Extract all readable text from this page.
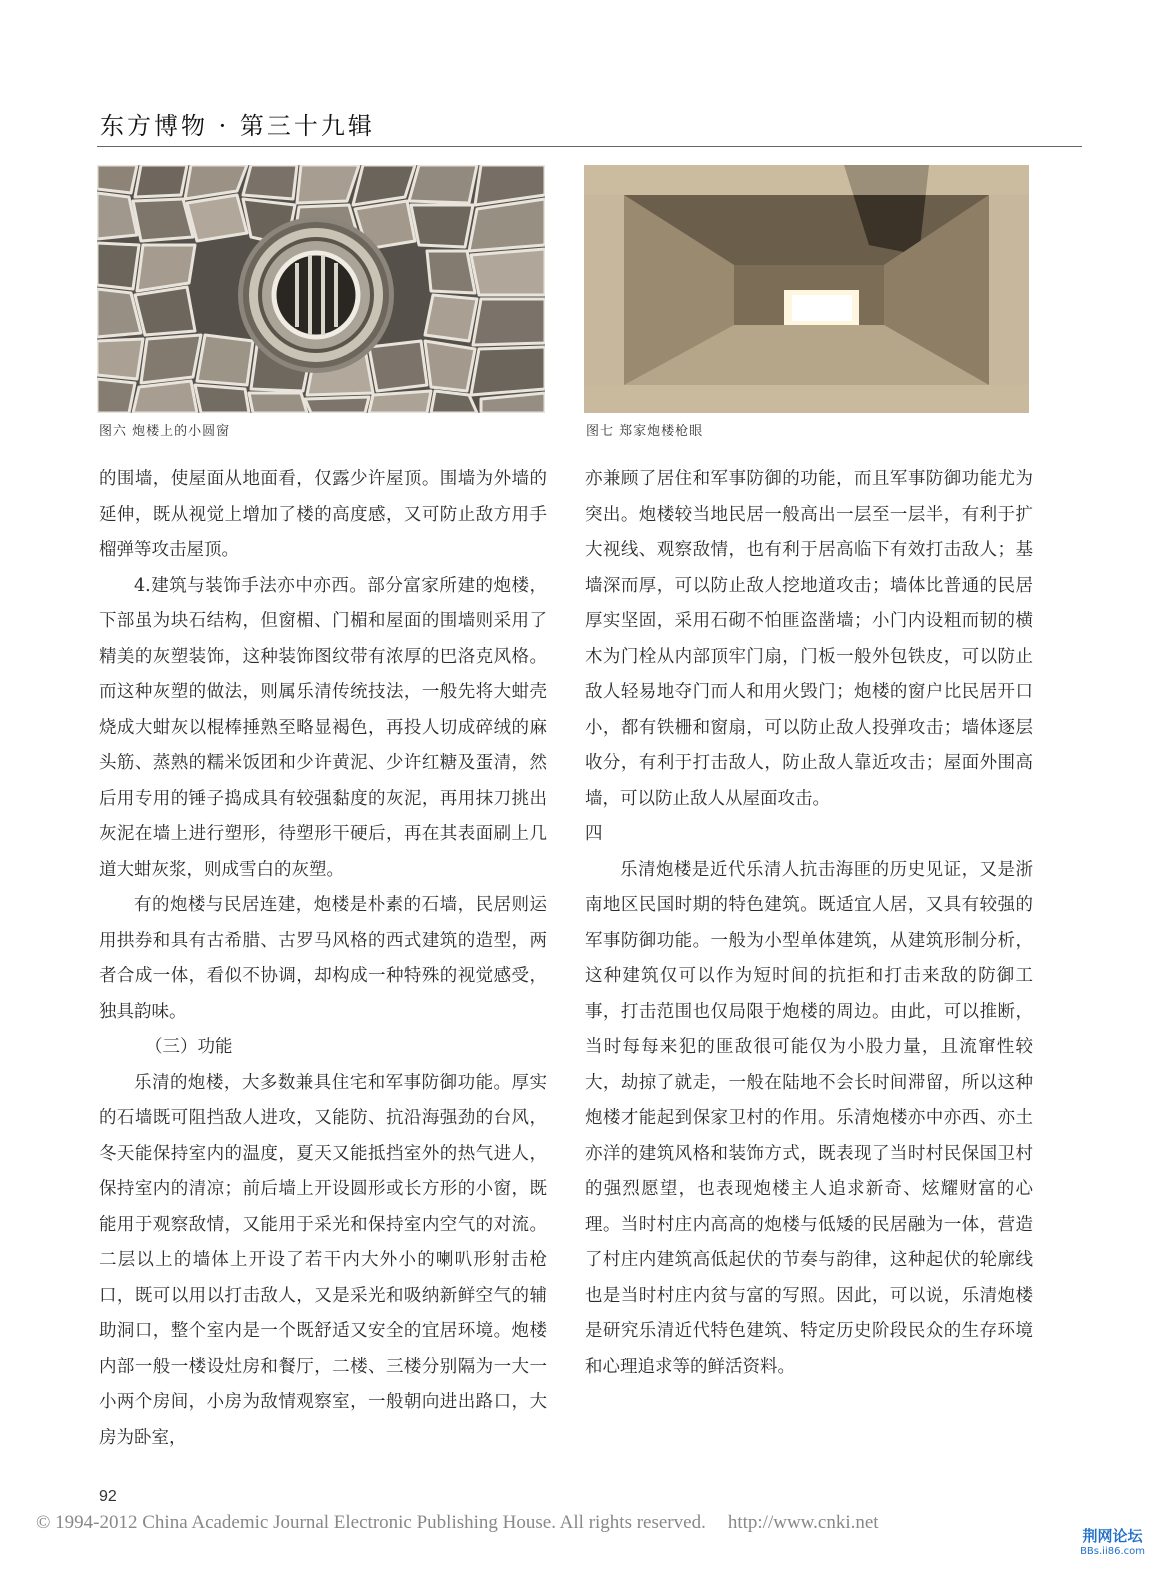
东方博物 · 第三十九辑
图六 炮楼上的小圆窗	图七 郑家炮楼枪眼

的围墙，使屋面从地面看，仅露少许屋顶。围墙为外墙的延伸，既从视觉上增加了楼的高度感，又可防止敌方用手榴弹等攻击屋顶。

4.建筑与装饰手法亦中亦西。部分富家所建的炮楼，下部虽为块石结构，但窗楣、门楣和屋面的围墙则采用了精美的灰塑装饰，这种装饰图纹带有浓厚的巴洛克风格。而这种灰塑的做法，则属乐清传统技法，一般先将大蚶壳烧成大蚶灰以棍棒捶熟至略显褐色，再投人切成碎绒的麻头筋、蒸熟的糯米饭团和少许黄泥、少许红糖及蛋清，然后用专用的锤子捣成具有较强黏度的灰泥，再用抹刀挑出灰泥在墙上进行塑形，待塑形干硬后，再在其表面刷上几道大蚶灰浆，则成雪白的灰塑。

有的炮楼与民居连建，炮楼是朴素的石墙，民居则运用拱券和具有古希腊、古罗马风格的西式建筑的造型，两者合成一体，看似不协调，却构成一种特殊的视觉感受，独具韵味。

（三）功能

乐清的炮楼，大多数兼具住宅和军事防御功能。厚实的石墙既可阻挡敌人进攻，又能防、抗沿海强劲的台风，冬天能保持室内的温度，夏天又能抵挡室外的热气进人，保持室内的清凉；前后墙上开设圆形或长方形的小窗，既能用于观察敌情，又能用于采光和保持室内空气的对流。二层以上的墙体上开设了若干内大外小的喇叭形射击枪口，既可以用以打击敌人，又是采光和吸纳新鲜空气的辅助洞口，整个室内是一个既舒适又安全的宜居环境。炮楼内部一般一楼设灶房和餐厅，二楼、三楼分别隔为一大一小两个房间，小房为敌情观察室，一般朝向进出路口，大房为卧室，

亦兼顾了居住和军事防御的功能，而且军事防御功能尤为突出。炮楼较当地民居一般高出一层至一层半，有利于扩大视线、观察敌情，也有利于居高临下有效打击敌人；基墙深而厚，可以防止敌人挖地道攻击；墙体比普通的民居厚实坚固，采用石砌不怕匪盗凿墙；小门内设粗而韧的横木为门栓从内部顶牢门扇，门板一般外包铁皮，可以防止敌人轻易地夺门而人和用火毁门；炮楼的窗户比民居开口小，都有铁栅和窗扇，可以防止敌人投弹攻击；墙体逐层收分，有利于打击敌人，防止敌人靠近攻击；屋面外围高墙，可以防止敌人从屋面攻击。

四

乐清炮楼是近代乐清人抗击海匪的历史见证，又是浙南地区民国时期的特色建筑。既适宜人居，又具有较强的军事防御功能。一般为小型单体建筑，从建筑形制分析，这种建筑仅可以作为短时间的抗拒和打击来敌的防御工事，打击范围也仅局限于炮楼的周边。由此，可以推断，当时每每来犯的匪敌很可能仅为小股力量，且流窜性较大，劫掠了就走，一般在陆地不会长时间滞留，所以这种炮楼才能起到保家卫村的作用。乐清炮楼亦中亦西、亦土亦洋的建筑风格和装饰方式，既表现了当时村民保国卫村的强烈愿望，也表现炮楼主人追求新奇、炫耀财富的心理。当时村庄内高高的炮楼与低矮的民居融为一体，营造了村庄内建筑高低起伏的节奏与韵律，这种起伏的轮廓线也是当时村庄内贫与富的写照。因此，可以说，乐清炮楼是研究乐清近代特色建筑、特定历史阶段民众的生存环境和心理追求等的鲜活资料。

92
© 1994-2012 China Academic Journal Electronic Publishing House. All rights reserved. http://www.cnki.net
荆网论坛
BBs.ii86.com
